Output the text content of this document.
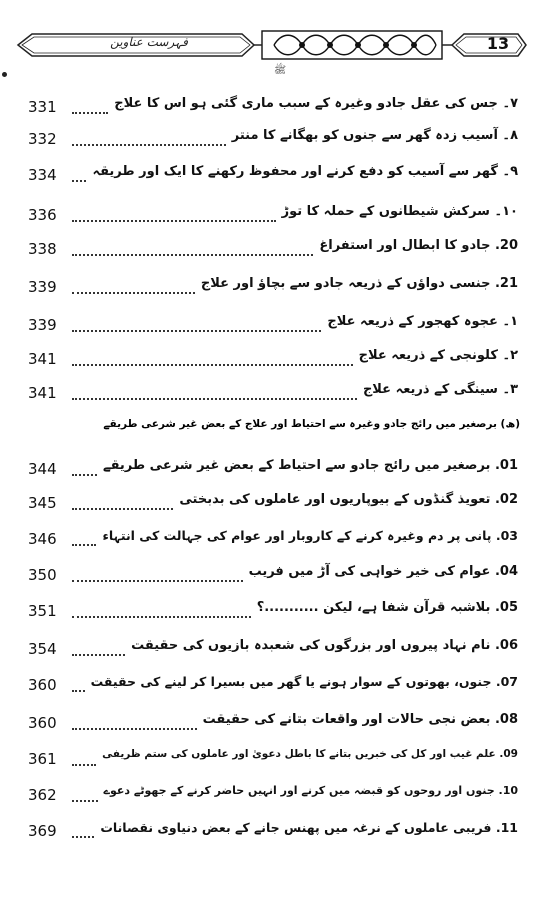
13
فہرست عناوین
ﷺ
331	۷۔ جس کی عقل جادو وغیرہ کے سبب ماری گئی ہو اس کا علاج
332	۸۔ آسیب زدہ گھر سے جنوں کو بھگانے کا منتر
334	۹۔ گھر سے آسیب کو دفع کرنے اور محفوظ رکھنے کا ایک اور طریقہ
336	۱۰۔ سرکش شیطانوں کے حملہ کا توڑ
338	20. جادو کا ابطال اور استفراغ
339	21. جنسی دواؤں کے ذریعہ جادو سے بچاؤ اور علاج
339	۱۔ عجوہ کھجور کے ذریعہ علاج
341	۲۔ کلونجی کے ذریعہ علاج
341	۳۔ سینگی کے ذریعہ علاج
(ھ) برصغیر میں رائج جادو وغیرہ سے احتیاط اور علاج کے بعض غیر شرعی طریقے
344	01. برصغیر میں رائج جادو سے احتیاط کے بعض غیر شرعی طریقے
345	02. تعویذ گنڈوں کے بیوپاریوں اور عاملوں کی بدبختی
346	03. پانی پر دم وغیرہ کرنے کے کاروبار اور عوام کی جہالت کی انتہاء
350	04. عوام کی خیر خواہی کی آڑ میں فریب
351	05. بلاشبہ قرآن شفا ہے، لیکن ...........؟
354	06. نام نہاد پیروں اور بزرگوں کی شعبدہ بازیوں کی حقیقت
360	07. جنوں، بھوتوں کے سوار ہونے یا گھر میں بسیرا کر لینے کی حقیقت
360	08. بعض نجی حالات اور واقعات بتانے کی حقیقت
361	09. علم غیب اور کل کی خبریں بتانے کا باطل دعویٰ اور عاملوں کی ستم ظریفی
362	10. جنوں اور روحوں کو قبضہ میں کرنے اور انہیں حاضر کرنے کے جھوٹے دعوے
369	11. فریبی عاملوں کے نرغہ میں پھنس جانے کے بعض دنیاوی نقصانات
